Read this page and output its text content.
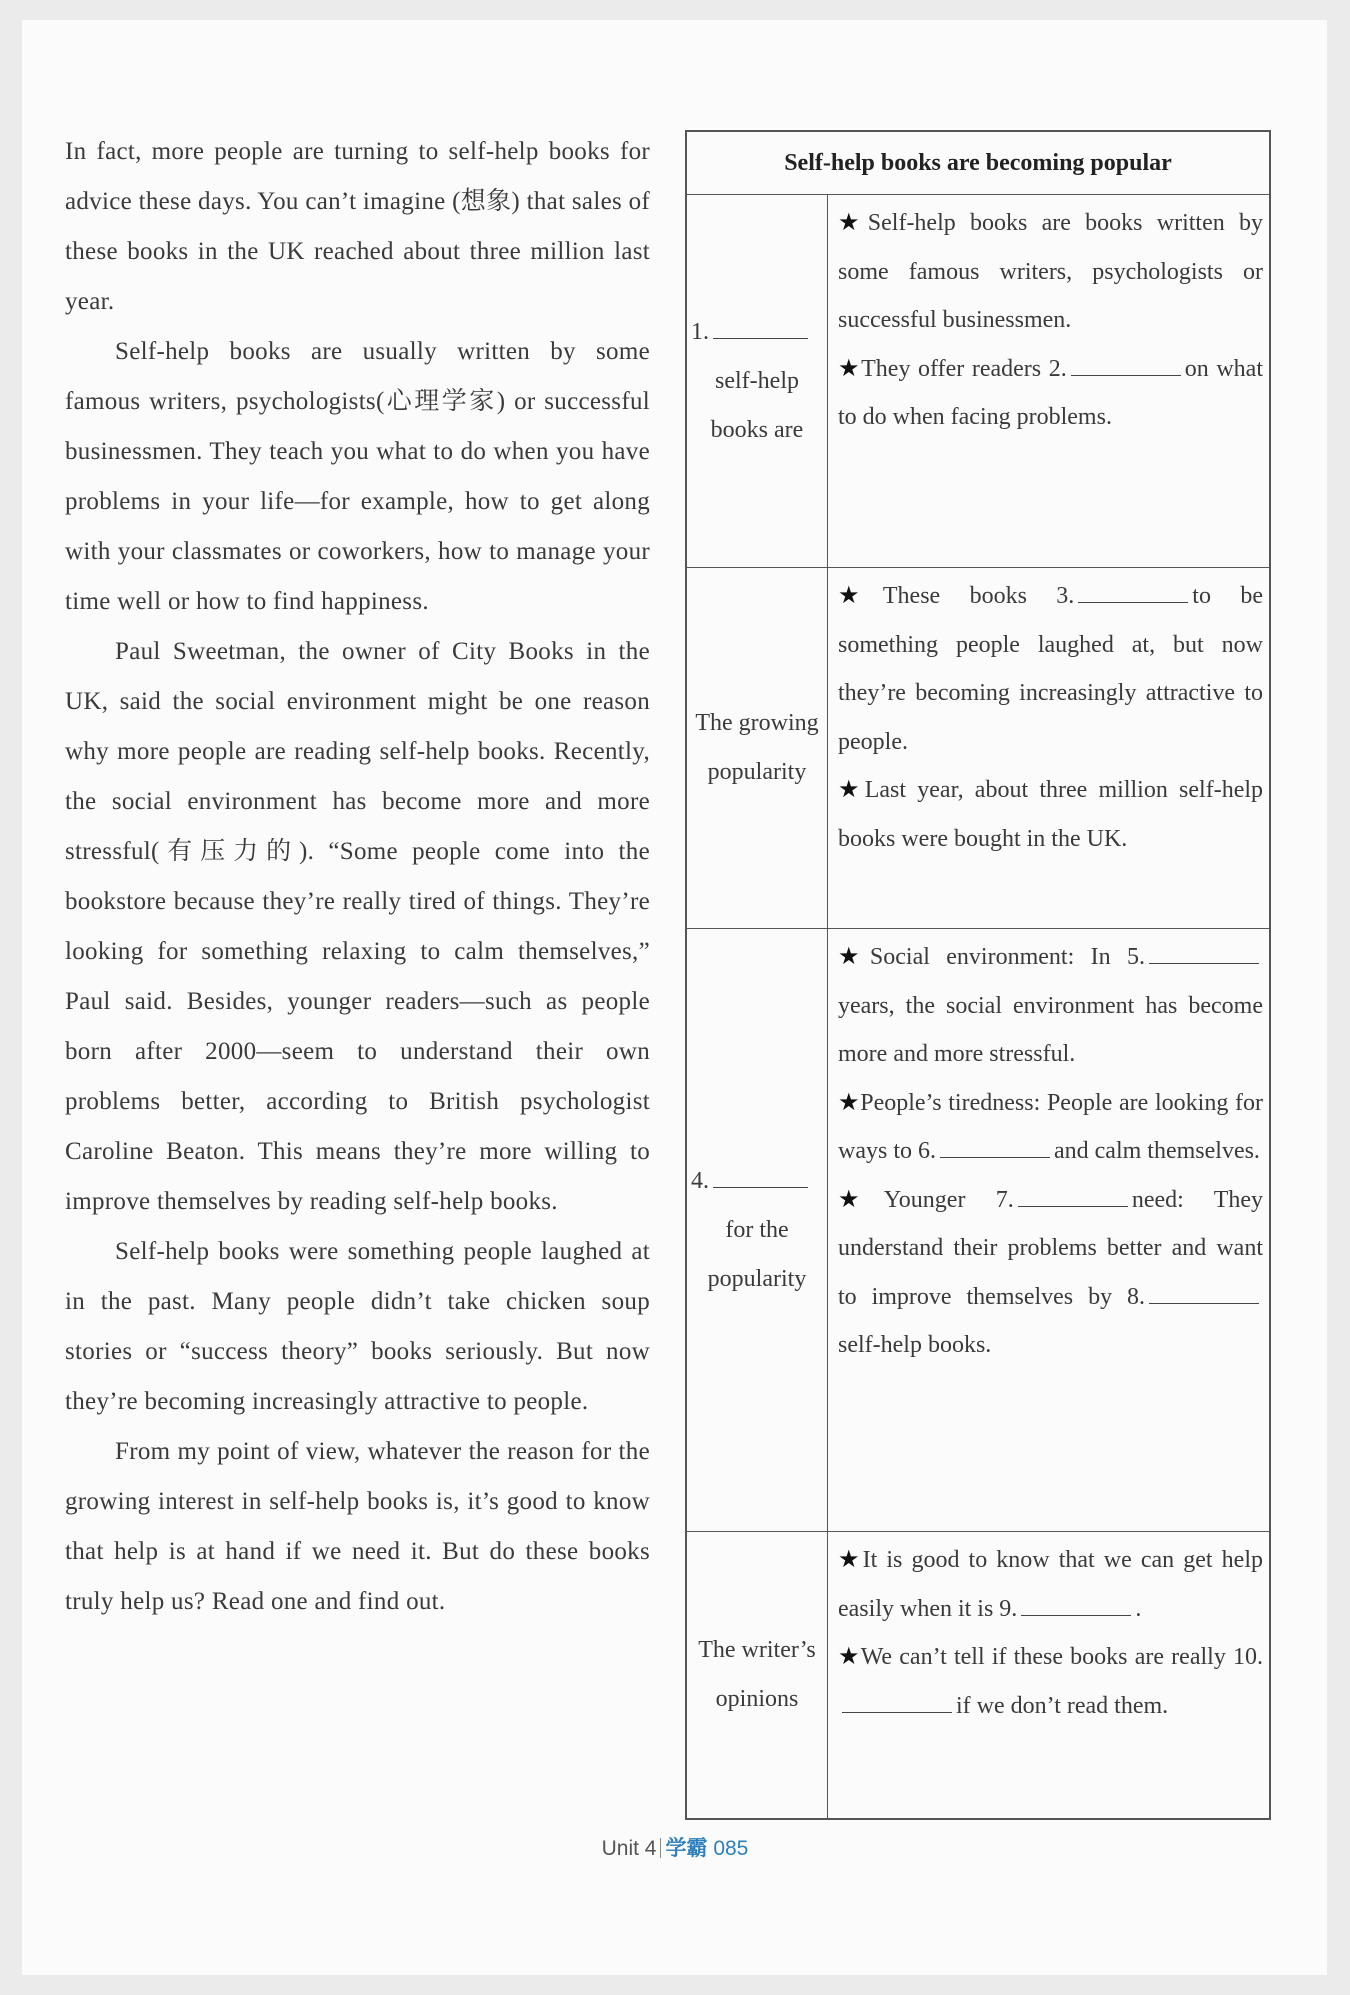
In fact, more people are turning to self-help books for advice these days. You can’t imagine (想象) that sales of these books in the UK reached about three million last year.

Self-help books are usually written by some famous writers, psychologists(心理学家) or successful businessmen. They teach you what to do when you have problems in your life—for example, how to get along with your classmates or coworkers, how to manage your time well or how to find happiness.

Paul Sweetman, the owner of City Books in the UK, said the social environment might be one reason why more people are reading self-help books. Recently, the social environment has become more and more stressful(有压力的). “Some people come into the bookstore because they’re really tired of things. They’re looking for something relaxing to calm themselves,” Paul said. Besides, younger readers—such as people born after 2000—seem to understand their own problems better, according to British psychologist Caroline Beaton. This means they’re more willing to improve themselves by reading self-help books.

Self-help books were something people laughed at in the past. Many people didn’t take chicken soup stories or “success theory” books seriously. But now they’re becoming increasingly attractive to people.

From my point of view, whatever the reason for the growing interest in self-help books is, it’s good to know that help is at hand if we need it. But do these books truly help us? Read one and find out.

Self-help books are becoming popular
1.
self-help books are

★Self-help books are books written by some famous writers, psychologists or successful businessmen.

★They offer readers 2.	on what to do when facing problems.

The growing popularity

★These books 3.	to be something people laughed at, but now they’re becoming increasingly attractive to people.

★Last year, about three million self-help books were bought in the UK.

4.
for the popularity

★Social environment: In 5.years, the social environment has become more and more stressful.

★People’s tiredness: People are looking for ways to 6.	and calm themselves.

★Younger 7.	need: They understand their problems better and want to improve themselves by 8.self-help books.

The writer’s opinions

★It is good to know that we can get help easily when it is 9.	.

★We can’t tell if these books are really 10.if we don’t read them.

Unit 4 学霸 085
